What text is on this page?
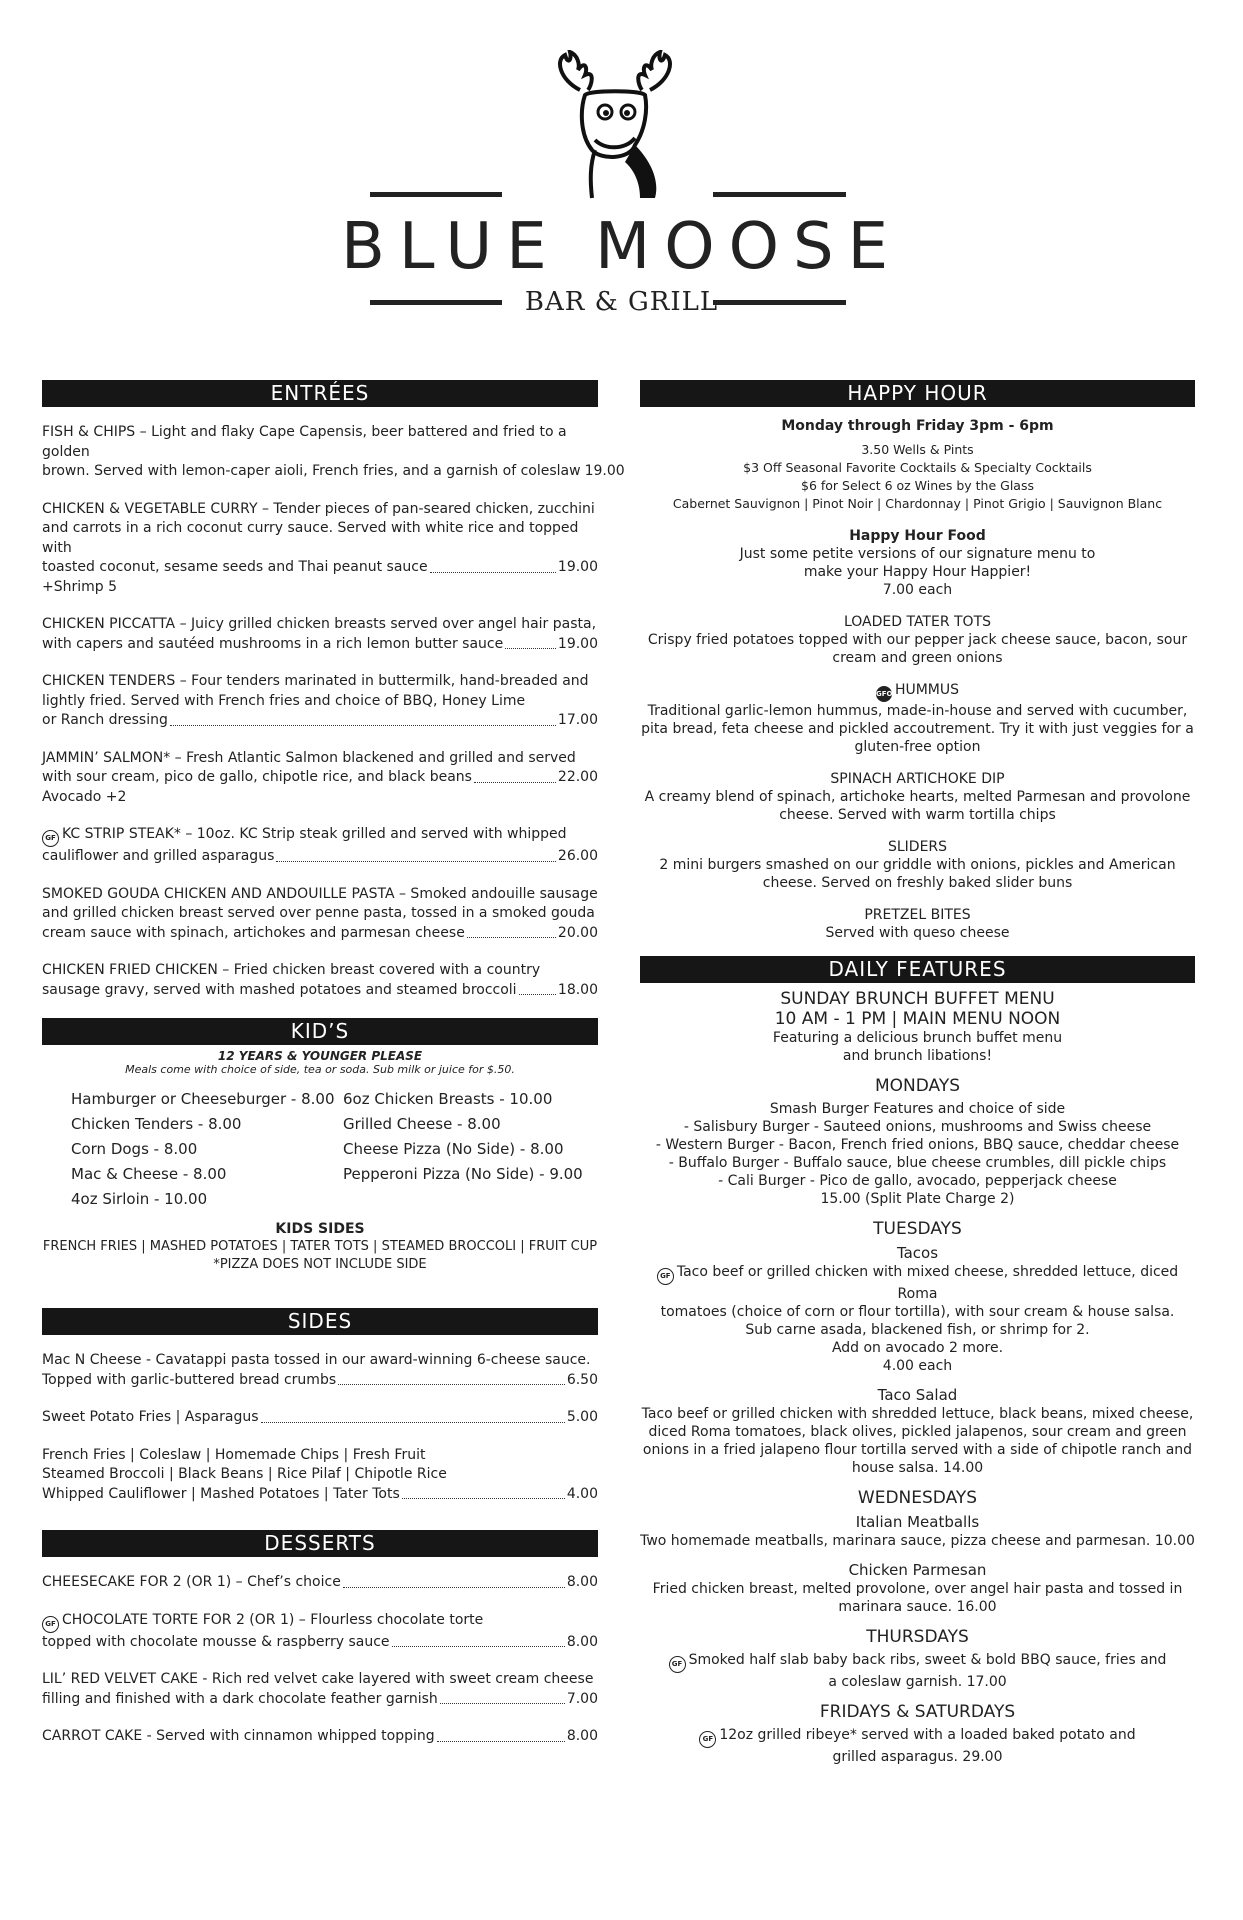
BLUE MOOSE
BAR & GRILL
ENTRÉES
FISH & CHIPS – Light and flaky Cape Capensis, beer battered and fried to a golden
brown. Served with lemon-caper aioli, French fries, and a garnish of coleslaw 19.00
CHICKEN & VEGETABLE CURRY – Tender pieces of pan-seared chicken, zucchini
and carrots in a rich coconut curry sauce. Served with white rice and topped with
toasted coconut, sesame seeds and Thai peanut sauce	19.00
+Shrimp 5
CHICKEN PICCATTA – Juicy grilled chicken breasts served over angel hair pasta,
with capers and sautéed mushrooms in a rich lemon butter sauce	19.00
CHICKEN TENDERS – Four tenders marinated in buttermilk, hand-breaded and
lightly fried. Served with French fries and choice of BBQ, Honey Lime
or Ranch dressing	17.00
JAMMIN’ SALMON* – Fresh Atlantic Salmon blackened and grilled and served
with sour cream, pico de gallo, chipotle rice, and black beans	22.00
Avocado +2
GF KC STRIP STEAK* – 10oz. KC Strip steak grilled and served with whipped
cauliflower and grilled asparagus	26.00
SMOKED GOUDA CHICKEN AND ANDOUILLE PASTA – Smoked andouille sausage
and grilled chicken breast served over penne pasta, tossed in a smoked gouda
cream sauce with spinach, artichokes and parmesan cheese	20.00
CHICKEN FRIED CHICKEN – Fried chicken breast covered with a country
sausage gravy, served with mashed potatoes and steamed broccoli	18.00
KID’S
12 YEARS & YOUNGER PLEASE
Meals come with choice of side, tea or soda. Sub milk or juice for $.50.
Hamburger or Cheeseburger - 8.00 6oz Chicken Breasts - 10.00
Chicken Tenders - 8.00	Grilled Cheese - 8.00
Corn Dogs - 8.00	Cheese Pizza (No Side) - 8.00
Mac & Cheese - 8.00	Pepperoni Pizza (No Side) - 9.00
4oz Sirloin - 10.00
KIDS SIDES
FRENCH FRIES | MASHED POTATOES | TATER TOTS | STEAMED BROCCOLI | FRUIT CUP
*PIZZA DOES NOT INCLUDE SIDE
SIDES
Mac N Cheese - Cavatappi pasta tossed in our award-winning 6-cheese sauce.
Topped with garlic-buttered bread crumbs	6.50
Sweet Potato Fries | Asparagus	5.00
French Fries | Coleslaw | Homemade Chips | Fresh Fruit
Steamed Broccoli | Black Beans | Rice Pilaf | Chipotle Rice
Whipped Cauliflower | Mashed Potatoes | Tater Tots	4.00
DESSERTS
CHEESECAKE FOR 2 (OR 1) – Chef’s choice	8.00
GF CHOCOLATE TORTE FOR 2 (OR 1) – Flourless chocolate torte
topped with chocolate mousse & raspberry sauce	8.00
LIL’ RED VELVET CAKE - Rich red velvet cake layered with sweet cream cheese
filling and finished with a dark chocolate feather garnish	7.00
CARROT CAKE - Served with cinnamon whipped topping	8.00
HAPPY HOUR
Monday through Friday 3pm - 6pm
3.50 Wells & Pints
$3 Off Seasonal Favorite Cocktails & Specialty Cocktails
$6 for Select 6 oz Wines by the Glass
Cabernet Sauvignon | Pinot Noir | Chardonnay | Pinot Grigio | Sauvignon Blanc
Happy Hour Food
Just some petite versions of our signature menu to
make your Happy Hour Happier!
7.00 each
LOADED TATER TOTS
Crispy fried potatoes topped with our pepper jack cheese sauce, bacon, sour
cream and green onions
GFO HUMMUS
Traditional garlic-lemon hummus, made-in-house and served with cucumber,
pita bread, feta cheese and pickled accoutrement. Try it with just veggies for a
gluten-free option
SPINACH ARTICHOKE DIP
A creamy blend of spinach, artichoke hearts, melted Parmesan and provolone
cheese. Served with warm tortilla chips
SLIDERS
2 mini burgers smashed on our griddle with onions, pickles and American
cheese. Served on freshly baked slider buns
PRETZEL BITES
Served with queso cheese
DAILY FEATURES
SUNDAY BRUNCH BUFFET MENU
10 AM - 1 PM | MAIN MENU NOON
Featuring a delicious brunch buffet menu
and brunch libations!
MONDAYS
Smash Burger Features and choice of side
- Salisbury Burger - Sauteed onions, mushrooms and Swiss cheese
- Western Burger - Bacon, French fried onions, BBQ sauce, cheddar cheese
- Buffalo Burger - Buffalo sauce, blue cheese crumbles, dill pickle chips
- Cali Burger - Pico de gallo, avocado, pepperjack cheese
15.00 (Split Plate Charge 2)
TUESDAYS
Tacos
GF Taco beef or grilled chicken with mixed cheese, shredded lettuce, diced Roma
tomatoes (choice of corn or flour tortilla), with sour cream & house salsa.
Sub carne asada, blackened fish, or shrimp for 2.
Add on avocado 2 more.
4.00 each
Taco Salad
Taco beef or grilled chicken with shredded lettuce, black beans, mixed cheese,
diced Roma tomatoes, black olives, pickled jalapenos, sour cream and green
onions in a fried jalapeno flour tortilla served with a side of chipotle ranch and
house salsa. 14.00
WEDNESDAYS
Italian Meatballs
Two homemade meatballs, marinara sauce, pizza cheese and parmesan. 10.00
Chicken Parmesan
Fried chicken breast, melted provolone, over angel hair pasta and tossed in
marinara sauce. 16.00
THURSDAYS
GF Smoked half slab baby back ribs, sweet & bold BBQ sauce, fries and
a coleslaw garnish. 17.00
FRIDAYS & SATURDAYS
GF 12oz grilled ribeye* served with a loaded baked potato and
grilled asparagus. 29.00
